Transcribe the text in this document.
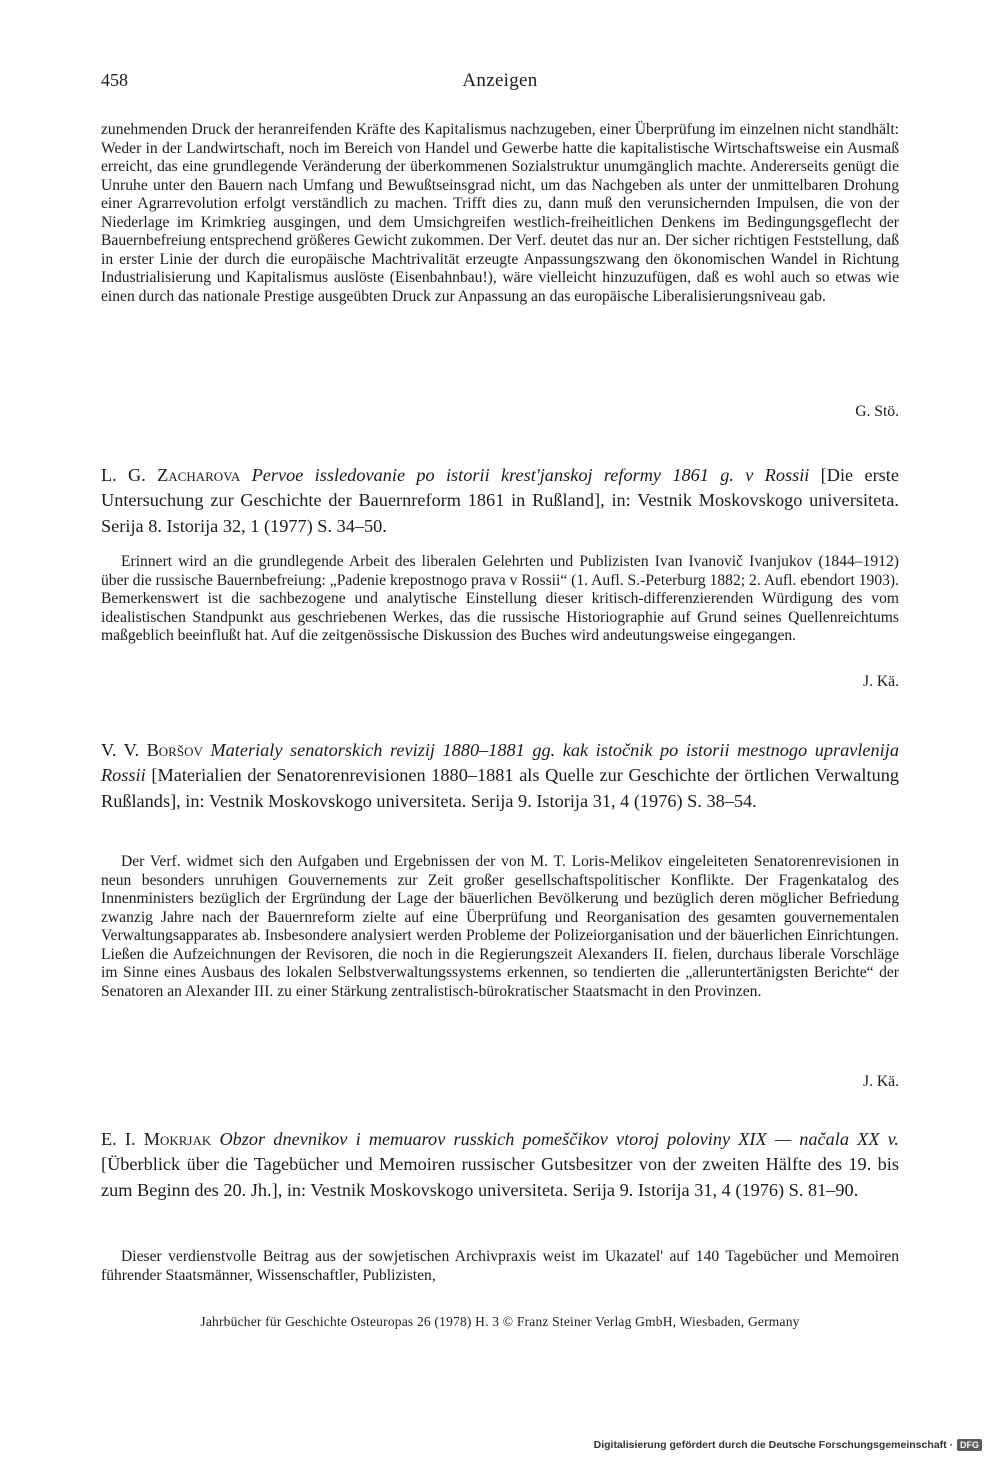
458	Anzeigen
zunehmenden Druck der heranreifenden Kräfte des Kapitalismus nachzugeben, einer Überprüfung im einzelnen nicht standhält: Weder in der Landwirtschaft, noch im Bereich von Handel und Gewerbe hatte die kapitalistische Wirtschaftsweise ein Ausmaß erreicht, das eine grundlegende Veränderung der überkommenen Sozialstruktur unumgänglich machte. Andererseits genügt die Unruhe unter den Bauern nach Umfang und Bewußtseinsgrad nicht, um das Nachgeben als unter der unmittelbaren Drohung einer Agrarrevolution erfolgt verständlich zu machen. Trifft dies zu, dann muß den verunsichernden Impulsen, die von der Niederlage im Krimkrieg ausgingen, und dem Umsichgreifen westlich-freiheitlichen Denkens im Bedingungsgeflecht der Bauernbefreiung entsprechend größeres Gewicht zukommen. Der Verf. deutet das nur an. Der sicher richtigen Feststellung, daß in erster Linie der durch die europäische Machtrivalität erzeugte Anpassungszwang den ökonomischen Wandel in Richtung Industrialisierung und Kapitalismus auslöste (Eisenbahnbau!), wäre vielleicht hinzuzufügen, daß es wohl auch so etwas wie einen durch das nationale Prestige ausgeübten Druck zur Anpassung an das europäische Liberalisierungsniveau gab.
G. Stö.

L. G. Zacharova Pervoe issledovanie po istorii krest'janskoj reformy 1861 g. v Rossii [Die erste Untersuchung zur Geschichte der Bauernreform 1861 in Rußland], in: Vestnik Moskovskogo universiteta. Serija 8. Istorija 32, 1 (1977) S. 34–50.

Erinnert wird an die grundlegende Arbeit des liberalen Gelehrten und Publizisten Ivan Ivanovič Ivanjukov (1844–1912) über die russische Bauernbefreiung: „Padenie krepostnogo prava v Rossii“ (1. Aufl. S.-Peterburg 1882; 2. Aufl. ebendort 1903). Bemerkenswert ist die sachbezogene und analytische Einstellung dieser kritisch-differenzierenden Würdigung des vom idealistischen Standpunkt aus geschriebenen Werkes, das die russische Historiographie auf Grund seines Quellenreichtums maßgeblich beeinflußt hat. Auf die zeitgenössische Diskussion des Buches wird andeutungsweise eingegangen.
J. Kä.

V. V. Boršov Materialy senatorskich revizij 1880–1881 gg. kak istočnik po istorii mestnogo upravlenija Rossii [Materialien der Senatorenrevisionen 1880–1881 als Quelle zur Geschichte der örtlichen Verwaltung Rußlands], in: Vestnik Moskovskogo universiteta. Serija 9. Istorija 31, 4 (1976) S. 38–54.

Der Verf. widmet sich den Aufgaben und Ergebnissen der von M. T. Loris-Melikov eingeleiteten Senatorenrevisionen in neun besonders unruhigen Gouvernements zur Zeit großer gesellschaftspolitischer Konflikte. Der Fragenkatalog des Innenministers bezüglich der Ergründung der Lage der bäuerlichen Bevölkerung und bezüglich deren möglicher Befriedung zwanzig Jahre nach der Bauernreform zielte auf eine Überprüfung und Reorganisation des gesamten gouvernementalen Verwaltungsapparates ab. Insbesondere analysiert werden Probleme der Polizeiorganisation und der bäuerlichen Einrichtungen. Ließen die Aufzeichnungen der Revisoren, die noch in die Regierungszeit Alexanders II. fielen, durchaus liberale Vorschläge im Sinne eines Ausbaus des lokalen Selbstverwaltungssystems erkennen, so tendierten die „alleruntertänigsten Berichte“ der Senatoren an Alexander III. zu einer Stärkung zentralistisch-bürokratischer Staatsmacht in den Provinzen.
J. Kä.

E. I. Mokrjak Obzor dnevnikov i memuarov russkich pomeščikov vtoroj poloviny XIX — načala XX v. [Überblick über die Tagebücher und Memoiren russischer Gutsbesitzer von der zweiten Hälfte des 19. bis zum Beginn des 20. Jh.], in: Vestnik Moskovskogo universiteta. Serija 9. Istorija 31, 4 (1976) S. 81–90.

Dieser verdienstvolle Beitrag aus der sowjetischen Archivpraxis weist im Ukazatel' auf 140 Tagebücher und Memoiren führender Staatsmänner, Wissenschaftler, Publizisten,
Jahrbücher für Geschichte Osteuropas 26 (1978) H. 3 © Franz Steiner Verlag GmbH, Wiesbaden, Germany
Digitalisierung gefördert durch die Deutsche Forschungsgemeinschaft · DFG
